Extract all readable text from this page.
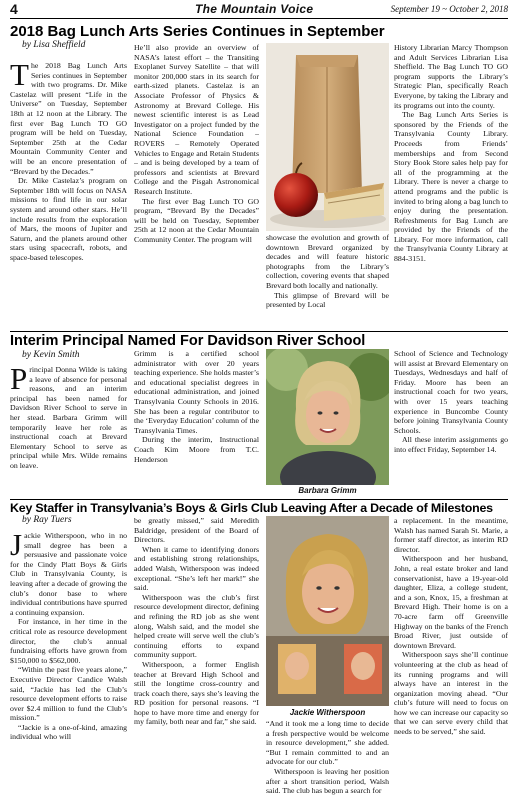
4	The Mountain Voice	September 19 ~ October 2, 2018
2018 Bag Lunch Arts Series Continues in September
by Lisa Sheffield

The 2018 Bag Lunch Arts Series continues in September with two programs. Dr. Mike Castelaz will present “Life in the Universe” on Tuesday, September 18th at 12 noon at the Library. The first ever Bag Lunch TO GO program will be held on Tuesday, September 25th at the Cedar Mountain Community Center and will be an encore presentation of “Brevard by the Decades.”

Dr. Mike Castelaz’s program on September 18th will focus on NASA missions to find life in our solar system and around other stars. He’ll include results from the exploration of Mars, the moons of Jupiter and Saturn, and the planets around other stars using spacecraft, robots, and space-based telescopes.

He’ll also provide an overview of NASA’s latest effort – the Transiting Exoplanet Survey Satellite – that will monitor 200,000 stars in its search for earth-sized planets. Castelaz is an Associate Professor of Physics & Astronomy at Brevard College. His newest scientific interest is as Lead Investigator on a project funded by the National Science Foundation – ROVERS – Remotely Operated Vehicles to Engage and Retain Students – and is being developed by a team of professors and scientists at Brevard College and the Pisgah Astronomical Research Institute.

The first ever Bag Lunch TO GO program, “Brevard By the Decades” will be held on Tuesday, September 25th at 12 noon at the Cedar Mountain Community Center. The program will	showcase the evolution and growth of downtown Brevard organized by decades and will feature historic photographs from the Library’s collection, covering events that shaped Brevard both locally and nationally.

This glimpse of Brevard will be presented by Local

History Librarian Marcy Thompson and Adult Services Librarian Lisa Sheffield. The Bag Lunch TO GO program supports the Library’s Strategic Plan, specifically Reach Everyone, by taking the Library and its programs out into the county.

The Bag Lunch Arts Series is sponsored by the Friends of the Transylvania County Library. Proceeds from Friends’ memberships and from Second Story Book Store sales help pay for all of the programming at the Library. There is never a charge to attend programs and the public is invited to bring along a bag lunch to enjoy during the presentation. Refreshments for Bag Lunch are provided by the Friends of the Library. For more information, call the Transylvania County Library at 884-3151.

Interim Principal Named For Davidson River School
by Kevin Smith

Principal Donna Wilde is taking a leave of absence for personal reasons, and an interim principal has been named for Davidson River School to serve in her stead. Barbara Grimm will temporarily leave her role as instructional coach at Brevard Elementary School to serve as principal while Mrs. Wilde remains on leave.

Grimm is a certified school administrator with over 20 years teaching experience. She holds master’s and educational specialist degrees in educational administration, and joined Transylvania County Schools in 2016. She has been a regular contributor to the ‘Everyday Education’ column of the Transylvania Times.

During the interim, Instructional Coach Kim Moore from T.C. Henderson

Barbara Grimm

School of Science and Technology will assist at Brevard Elementary on Tuesdays, Wednesdays and half of Friday. Moore has been an instructional coach for two years, with over 15 years teaching experience in Buncombe County before joining Transylvania County Schools.

All these interim assignments go into effect Friday, September 14.

Key Staffer in Transylvania’s Boys & Girls Club Leaving After a Decade of Milestones
by Ray Tuers

Jackie Witherspoon, who in no small degree has been a persuasive and passionate voice for the Cindy Platt Boys & Girls Club in Transylvania County, is leaving after a decade of growing the club’s donor base to where individual contributions have spurred a continuing expansion.

For instance, in her time in the critical role as resource development director, the club’s annual fundraising efforts have grown from $150,000 to $562,000.

“Within the past five years alone,” Executive Director Candice Walsh said, “Jackie has led the Club’s resource development efforts to raise over $2.4 million to fund the Club’s mission.”

“Jackie is a one-of-kind, amazing individual who will

be greatly missed,” said Meredith Baldridge, president of the Board of Directors.

When it came to identifying donors and establishing strong relationships, added Walsh, Witherspoon was indeed exceptional. “She’s left her mark!” she said.

Witherspoon was the club’s first resource development director, defining and refining the RD job as she went along, Walsh said, and the model she helped create will serve well the club’s continuing efforts to expand community support.

Witherspoon, a former English teacher at Brevard High School and still the longtime cross-country and track coach there, says she’s leaving the RD position for personal reasons. “I hope to have more time and energy for my family, both near and far,” she said.

Jackie Witherspoon

“And it took me a long time to decide a fresh perspective would be welcome in resource development,” she added. “But I remain committed to and an advocate for our club.”

Witherspoon is leaving her position after a short transition period, Walsh said. The club has begun a search for

a replacement. In the meantime, Walsh has named Sarah St. Marie, a former staff director, as interim RD director.

Witherspoon and her husband, John, a real estate broker and land conservationist, have a 19-year-old daughter, Eliza, a college student, and a son, Knox, 15, a freshman at Brevard High. Their home is on a 70-acre farm off Greenville Highway on the banks of the French Broad River, just outside of downtown Brevard.

Witherspoon says she’ll continue volunteering at the club as head of its running programs and will always have an interest in the organization moving ahead. “Our club’s future will need to focus on how we can increase our capacity so that we can serve every child that needs to be served,” she said.
